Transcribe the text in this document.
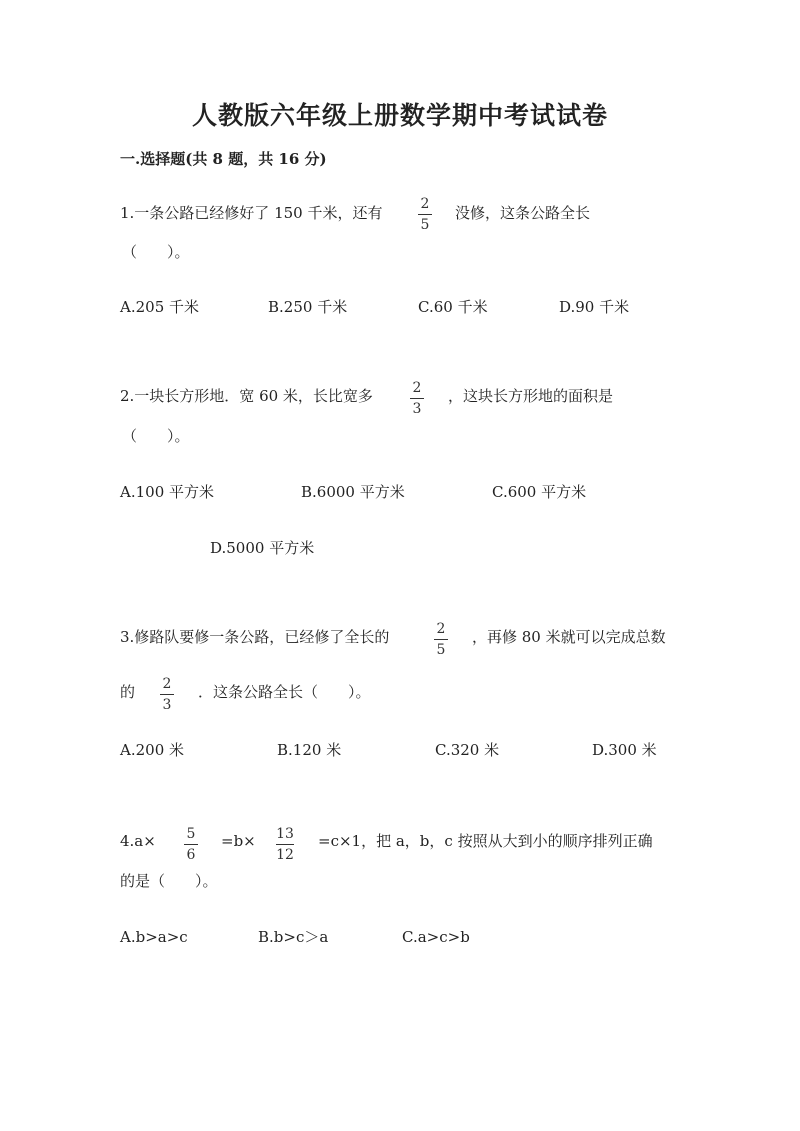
人教版六年级上册数学期中考试试卷
一.选择题(共 8 题，共 16 分)
1.一条公路已经修好了 150 千米，还有	2
5
没修，这条公路全长
（　　）。
A.205 千米	B.250 千米	C.60 千米	D.90 千米
2.一块长方形地．宽 60 米，长比宽多	2
3
，这块长方形地的面积是
（　　）。
A.100 平方米	B.6000 平方米	C.600 平方米
D.5000 平方米
3.修路队要修一条公路，已经修了全长的	2
5
，再修 80 米就可以完成总数
的 2
3
．这条公路全长（　　）。
A.200 米	B.120 米	C.320 米	D.300 米
4.a× 5
6
=b× 13
12
=c×1，把 a，b，c 按照从大到小的顺序排列正确
的是（　　）。
A.b>a>c	B.b>c＞a	C.a>c>b
